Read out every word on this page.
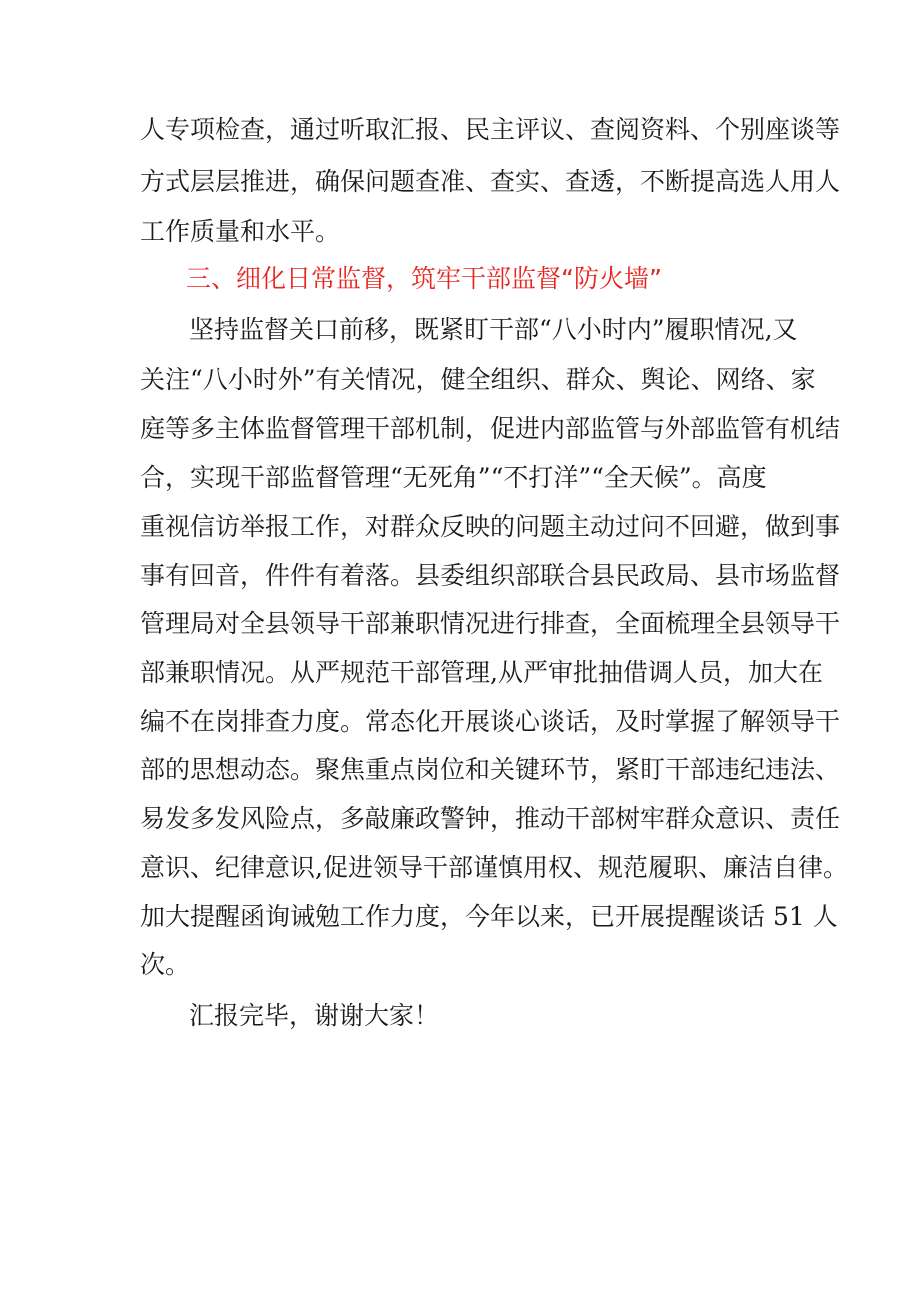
人专项检查，通过听取汇报、民主评议、查阅资料、个别座谈等
方式层层推进，确保问题查准、查实、查透，不断提高选人用人
工作质量和水平。
三、细化日常监督，筑牢干部监督“防火墙”
坚持监督关口前移，既紧盯干部“八小时内”履职情况,又
关注“八小时外”有关情况，健全组织、群众、舆论、网络、家
庭等多主体监督管理干部机制，促进内部监管与外部监管有机结
合，实现干部监督管理“无死角”“不打洋”“全天候”。高度
重视信访举报工作，对群众反映的问题主动过问不回避，做到事
事有回音，件件有着落。县委组织部联合县民政局、县市场监督
管理局对全县领导干部兼职情况进行排查，全面梳理全县领导干
部兼职情况。从严规范干部管理,从严审批抽借调人员，加大在
编不在岗排查力度。常态化开展谈心谈话，及时掌握了解领导干
部的思想动态。聚焦重点岗位和关键环节，紧盯干部违纪违法、
易发多发风险点，多敲廉政警钟，推动干部树牢群众意识、责任
意识、纪律意识,促进领导干部谨慎用权、规范履职、廉洁自律。
加大提醒函询诫勉工作力度，今年以来，已开展提醒谈话 51 人
次。
汇报完毕，谢谢大家！
